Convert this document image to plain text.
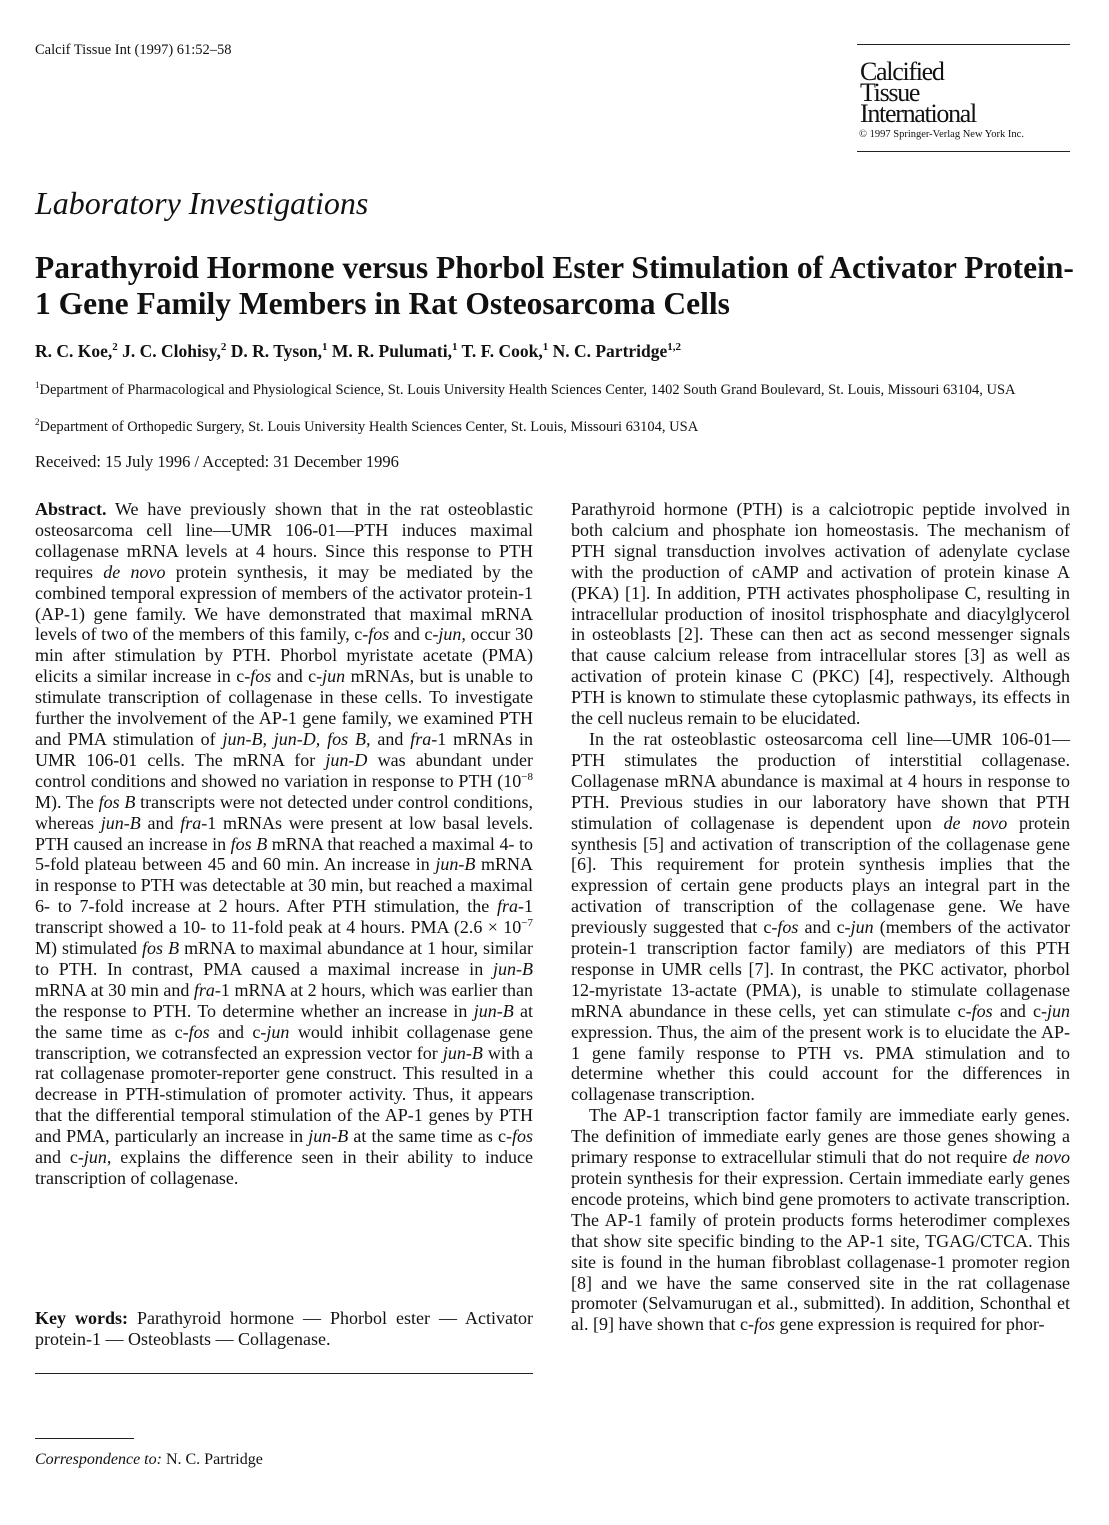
Calcif Tissue Int (1997) 61:52–58
Calcified
Tissue
International
© 1997 Springer-Verlag New York Inc.
Laboratory Investigations
Parathyroid Hormone versus Phorbol Ester Stimulation of Activator Protein-1 Gene Family Members in Rat Osteosarcoma Cells
R. C. Koe,$^2$ J. C. Clohisy,$^2$ D. R. Tyson,$^1$ M. R. Pulumati,$^1$ T. F. Cook,$^1$ N. C. Partridge$^{1,2}$
$^1$Department of Pharmacological and Physiological Science, St. Louis University Health Sciences Center, 1402 South Grand Boulevard, St. Louis, Missouri 63104, USA
$^2$Department of Orthopedic Surgery, St. Louis University Health Sciences Center, St. Louis, Missouri 63104, USA
Received: 15 July 1996 / Accepted: 31 December 1996

Abstract. We have previously shown that in the rat osteoblastic osteosarcoma cell line—UMR 106-01—PTH induces maximal collagenase mRNA levels at 4 hours. Since this response to PTH requires de novo protein synthesis, it may be mediated by the combined temporal expression of members of the activator protein-1 (AP-1) gene family. We have demonstrated that maximal mRNA levels of two of the members of this family, c-fos and c-jun, occur 30 min after stimulation by PTH. Phorbol myristate acetate (PMA) elicits a similar increase in c-fos and c-jun mRNAs, but is unable to stimulate transcription of collagenase in these cells. To investigate further the involvement of the AP-1 gene family, we examined PTH and PMA stimulation of jun-B, jun-D, fos B, and fra-1 mRNAs in UMR 106-01 cells. The mRNA for jun-D was abundant under control conditions and showed no variation in response to PTH ($10^{-8}$ M). The fos B transcripts were not detected under control conditions, whereas jun-B and fra-1 mRNAs were present at low basal levels. PTH caused an increase in fos B mRNA that reached a maximal 4- to 5-fold plateau between 45 and 60 min. An increase in jun-B mRNA in response to PTH was detectable at 30 min, but reached a maximal 6- to 7-fold increase at 2 hours. After PTH stimulation, the fra-1 transcript showed a 10- to 11-fold peak at 4 hours. PMA ($2.6 \times 10^{-7}$ M) stimulated fos B mRNA to maximal abundance at 1 hour, similar to PTH. In contrast, PMA caused a maximal increase in jun-B mRNA at 30 min and fra-1 mRNA at 2 hours, which was earlier than the response to PTH. To determine whether an increase in jun-B at the same time as c-fos and c-jun would inhibit collagenase gene transcription, we cotransfected an expression vector for jun-B with a rat collagenase promoter-reporter gene construct. This resulted in a decrease in PTH-stimulation of promoter activity. Thus, it appears that the differential temporal stimulation of the AP-1 genes by PTH and PMA, particularly an increase in jun-B at the same time as c-fos and c-jun, explains the difference seen in their ability to induce transcription of collagenase.

Key words: Parathyroid hormone — Phorbol ester — Activator protein-1 — Osteoblasts — Collagenase.
Correspondence to: N. C. Partridge

Parathyroid hormone (PTH) is a calciotropic peptide involved in both calcium and phosphate ion homeostasis. The mechanism of PTH signal transduction involves activation of adenylate cyclase with the production of cAMP and activation of protein kinase A (PKA) [1]. In addition, PTH activates phospholipase C, resulting in intracellular production of inositol trisphosphate and diacylglycerol in osteoblasts [2]. These can then act as second messenger signals that cause calcium release from intracellular stores [3] as well as activation of protein kinase C (PKC) [4], respectively. Although PTH is known to stimulate these cytoplasmic pathways, its effects in the cell nucleus remain to be elucidated.

In the rat osteoblastic osteosarcoma cell line—UMR 106-01—PTH stimulates the production of interstitial collagenase. Collagenase mRNA abundance is maximal at 4 hours in response to PTH. Previous studies in our laboratory have shown that PTH stimulation of collagenase is dependent upon de novo protein synthesis [5] and activation of transcription of the collagenase gene [6]. This requirement for protein synthesis implies that the expression of certain gene products plays an integral part in the activation of transcription of the collagenase gene. We have previously suggested that c-fos and c-jun (members of the activator protein-1 transcription factor family) are mediators of this PTH response in UMR cells [7]. In contrast, the PKC activator, phorbol 12-myristate 13-actate (PMA), is unable to stimulate collagenase mRNA abundance in these cells, yet can stimulate c-fos and c-jun expression. Thus, the aim of the present work is to elucidate the AP-1 gene family response to PTH vs. PMA stimulation and to determine whether this could account for the differences in collagenase transcription.

The AP-1 transcription factor family are immediate early genes. The definition of immediate early genes are those genes showing a primary response to extracellular stimuli that do not require de novo protein synthesis for their expression. Certain immediate early genes encode proteins, which bind gene promoters to activate transcription. The AP-1 family of protein products forms heterodimer complexes that show site specific binding to the AP-1 site, TGAG/CTCA. This site is found in the human fibroblast collagenase-1 promoter region [8] and we have the same conserved site in the rat collagenase promoter (Selvamurugan et al., submitted). In addition, Schonthal et al. [9] have shown that c-fos gene expression is required for phor-
